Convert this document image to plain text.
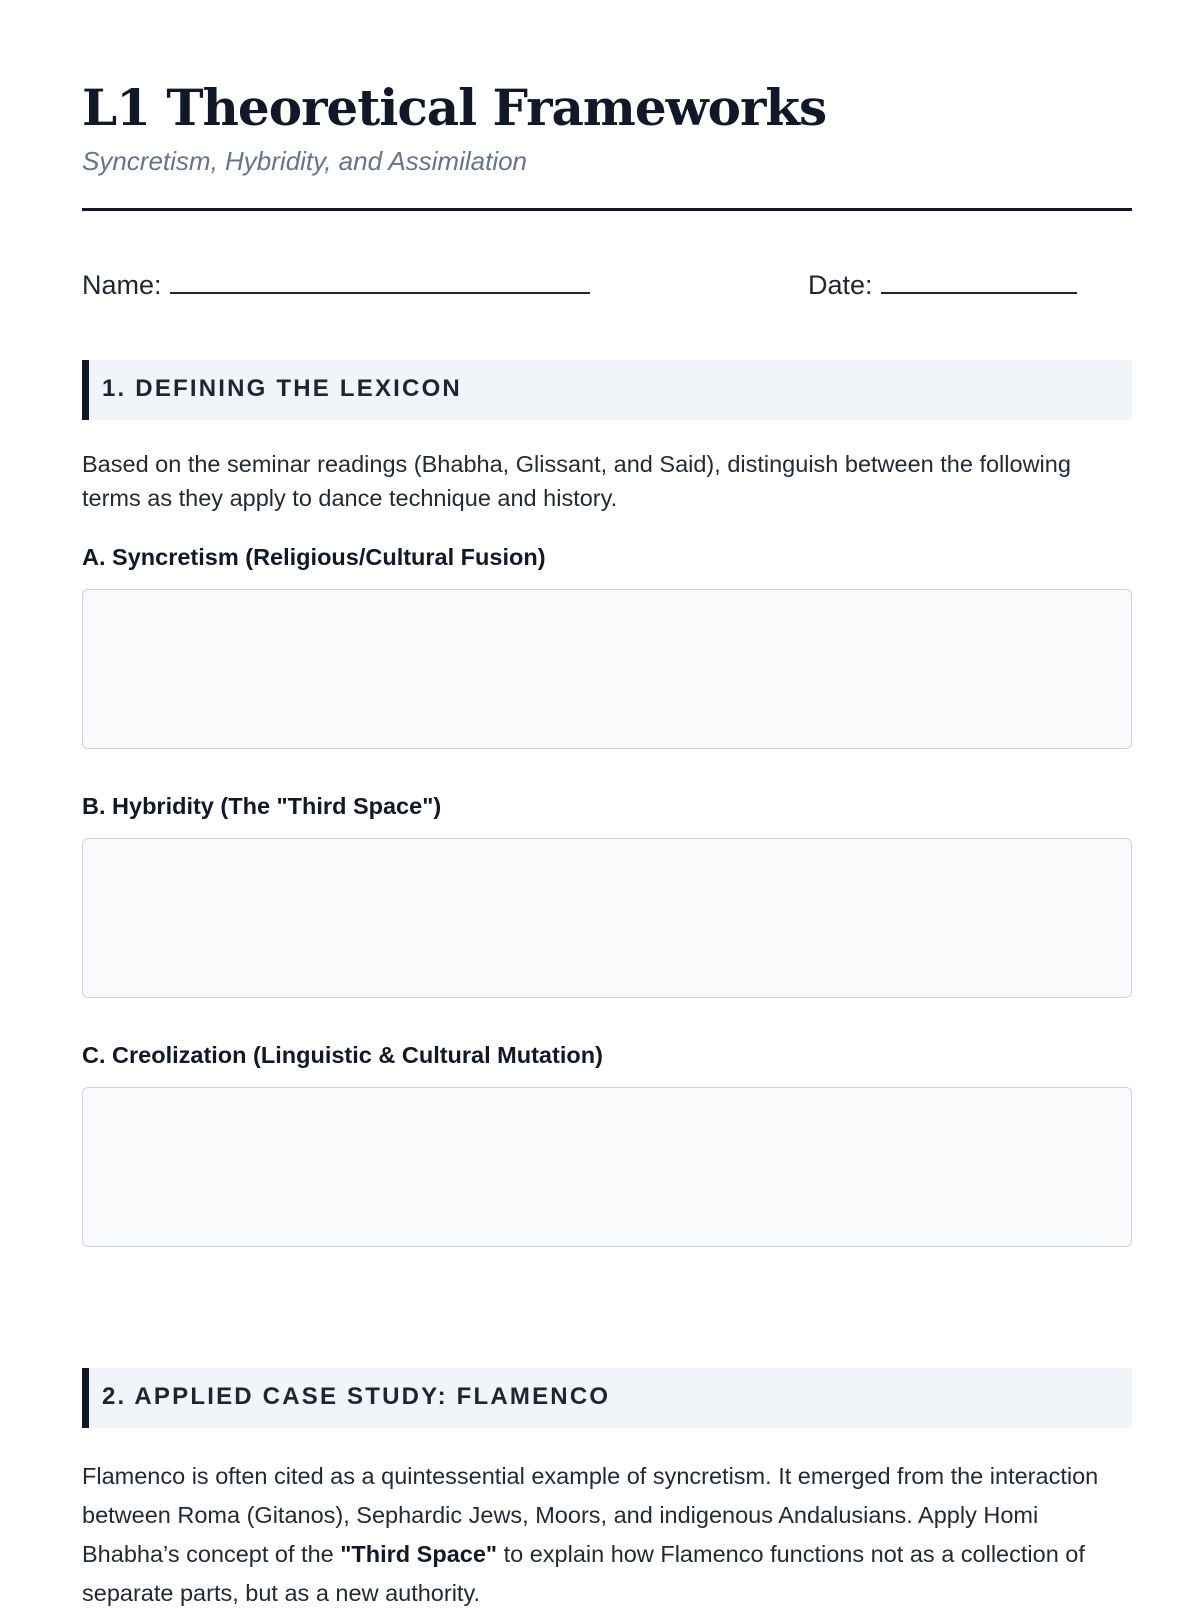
L1 Theoretical Frameworks
Syncretism, Hybridity, and Assimilation
Name:	Date:
1. DEFINING THE LEXICON
Based on the seminar readings (Bhabha, Glissant, and Said), distinguish between the following terms as they apply to dance technique and history.
A. Syncretism (Religious/Cultural Fusion)
B. Hybridity (The "Third Space")
C. Creolization (Linguistic & Cultural Mutation)
2. APPLIED CASE STUDY: FLAMENCO
Flamenco is often cited as a quintessential example of syncretism. It emerged from the interaction between Roma (Gitanos), Sephardic Jews, Moors, and indigenous Andalusians. Apply Homi Bhabha’s concept of the "Third Space" to explain how Flamenco functions not as a collection of separate parts, but as a new authority.
